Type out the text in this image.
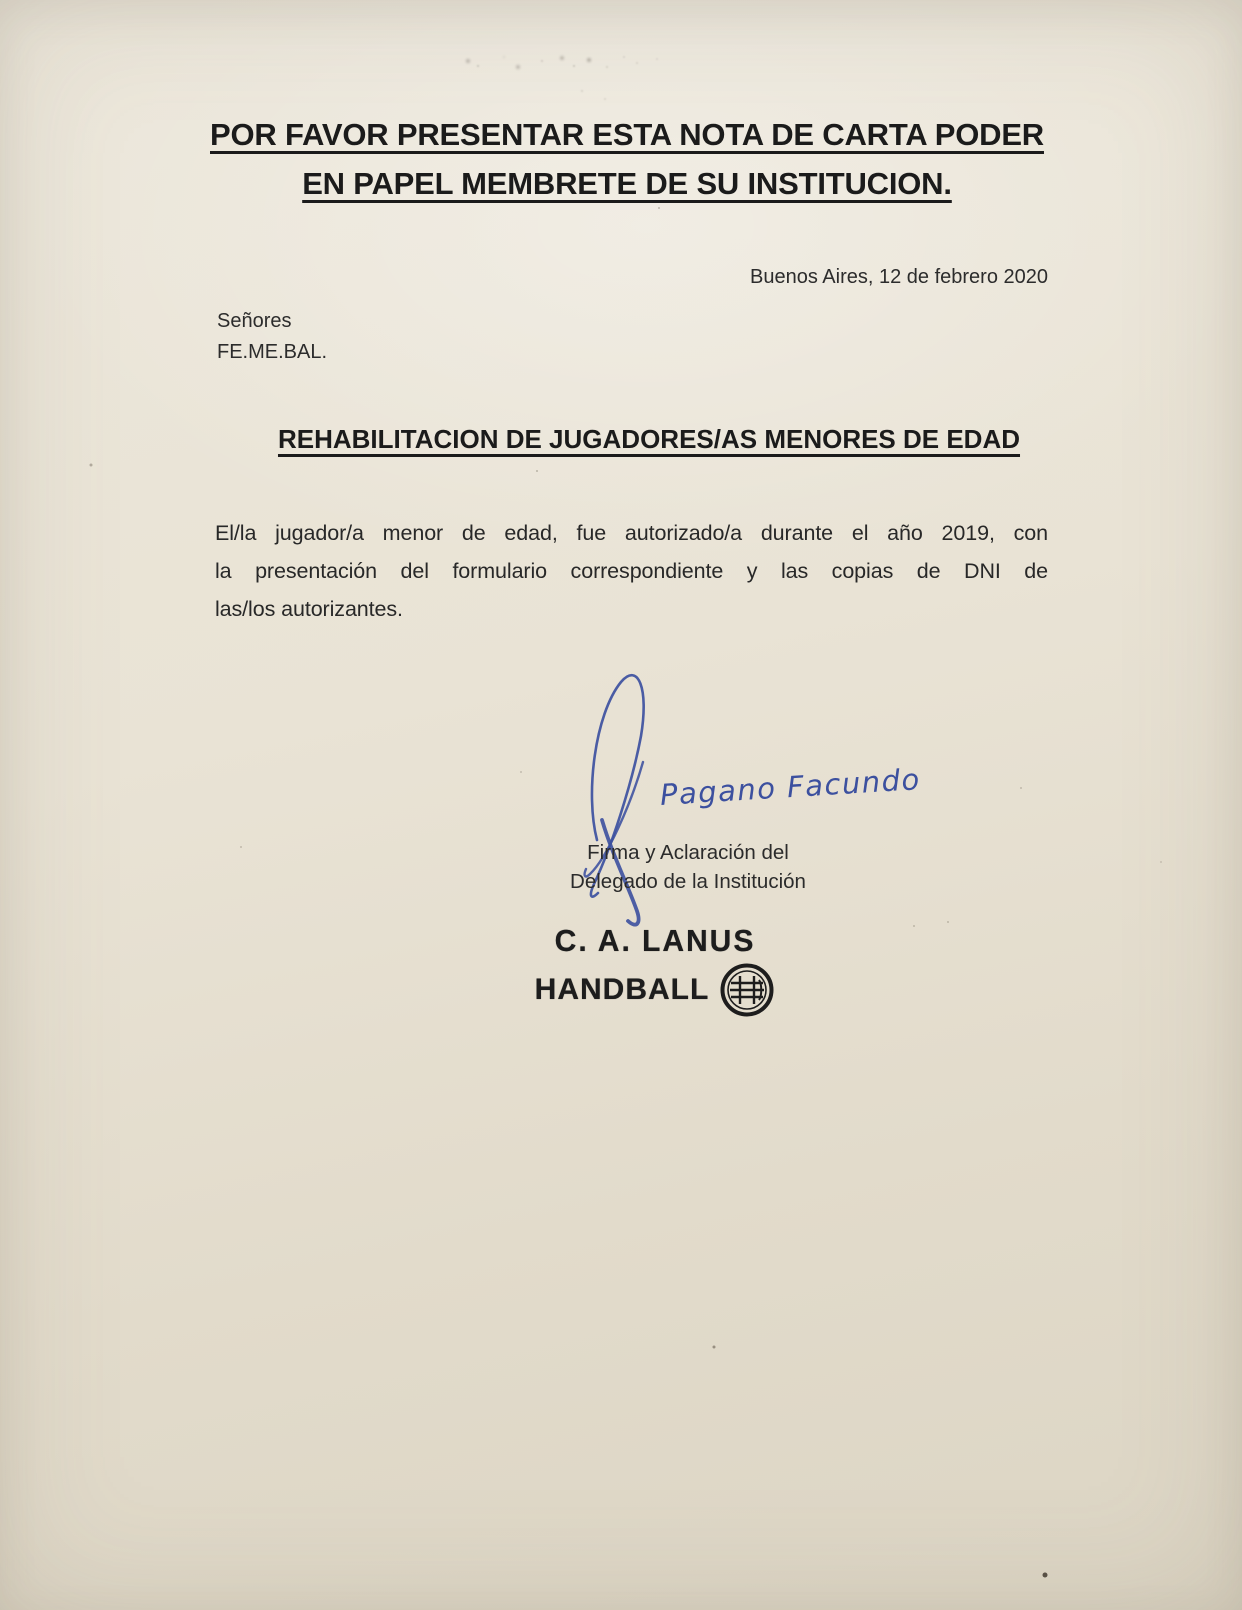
POR FAVOR PRESENTAR ESTA NOTA DE CARTA PODER
EN PAPEL MEMBRETE DE SU INSTITUCION.
Buenos Aires, 12 de febrero 2020
Señores
FE.ME.BAL.
REHABILITACION DE JUGADORES/AS MENORES DE EDAD
El/la jugador/a menor de edad, fue autorizado/a durante el año 2019, con
la presentación del formulario correspondiente y las copias de DNI de
las/los autorizantes.
Pagano Facundo
Firma y Aclaración del
Delegado de la Institución
C. A. LANUS
HANDBALL
